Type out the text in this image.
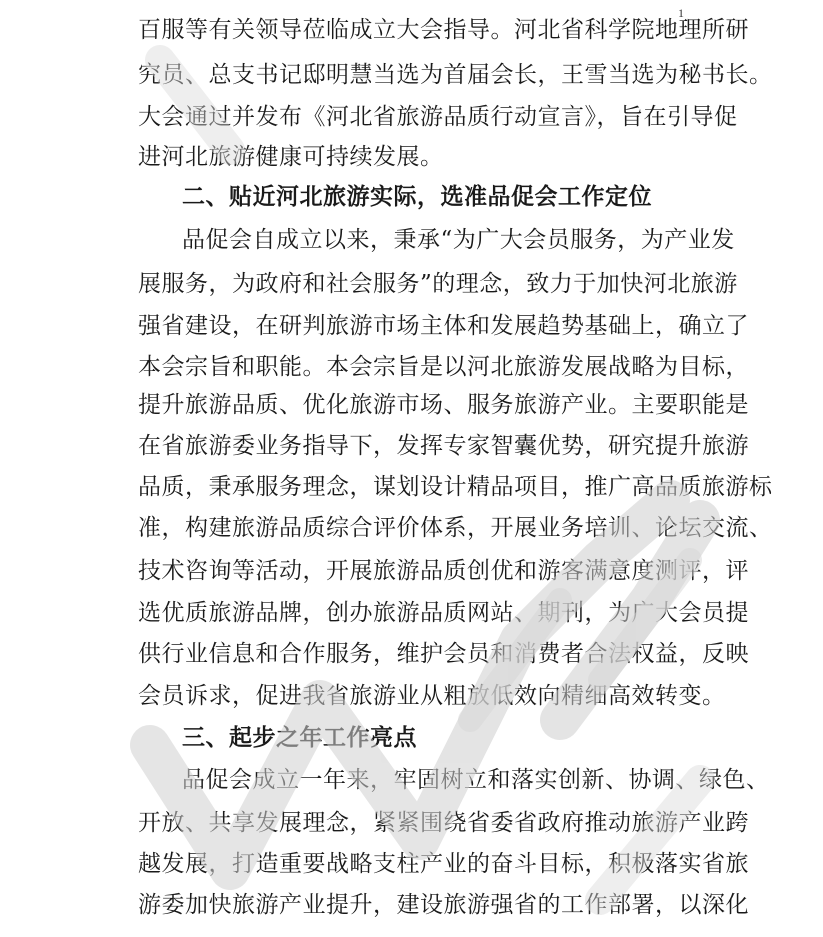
1
百服等有关领导莅临成立大会指导。河北省科学院地理所研
究员、总支书记邸明慧当选为首届会长，王雪当选为秘书长。
大会通过并发布《河北省旅游品质行动宣言》，旨在引导促
进河北旅游健康可持续发展。
二、贴近河北旅游实际，选准品促会工作定位
品促会自成立以来，秉承“为广大会员服务，为产业发
展服务，为政府和社会服务”的理念，致力于加快河北旅游
强省建设，在研判旅游市场主体和发展趋势基础上，确立了
本会宗旨和职能。本会宗旨是以河北旅游发展战略为目标，
提升旅游品质、优化旅游市场、服务旅游产业。主要职能是
在省旅游委业务指导下，发挥专家智囊优势，研究提升旅游
品质，秉承服务理念，谋划设计精品项目，推广高品质旅游标
准，构建旅游品质综合评价体系，开展业务培训、论坛交流、
技术咨询等活动，开展旅游品质创优和游客满意度测评，评
选优质旅游品牌，创办旅游品质网站、期刊，为广大会员提
供行业信息和合作服务，维护会员和消费者合法权益，反映
会员诉求，促进我省旅游业从粗放低效向精细高效转变。
三、起步之年工作亮点
品促会成立一年来，牢固树立和落实创新、协调、绿色、
开放、共享发展理念，紧紧围绕省委省政府推动旅游产业跨
越发展，打造重要战略支柱产业的奋斗目标，积极落实省旅
游委加快旅游产业提升，建设旅游强省的工作部署，以深化
